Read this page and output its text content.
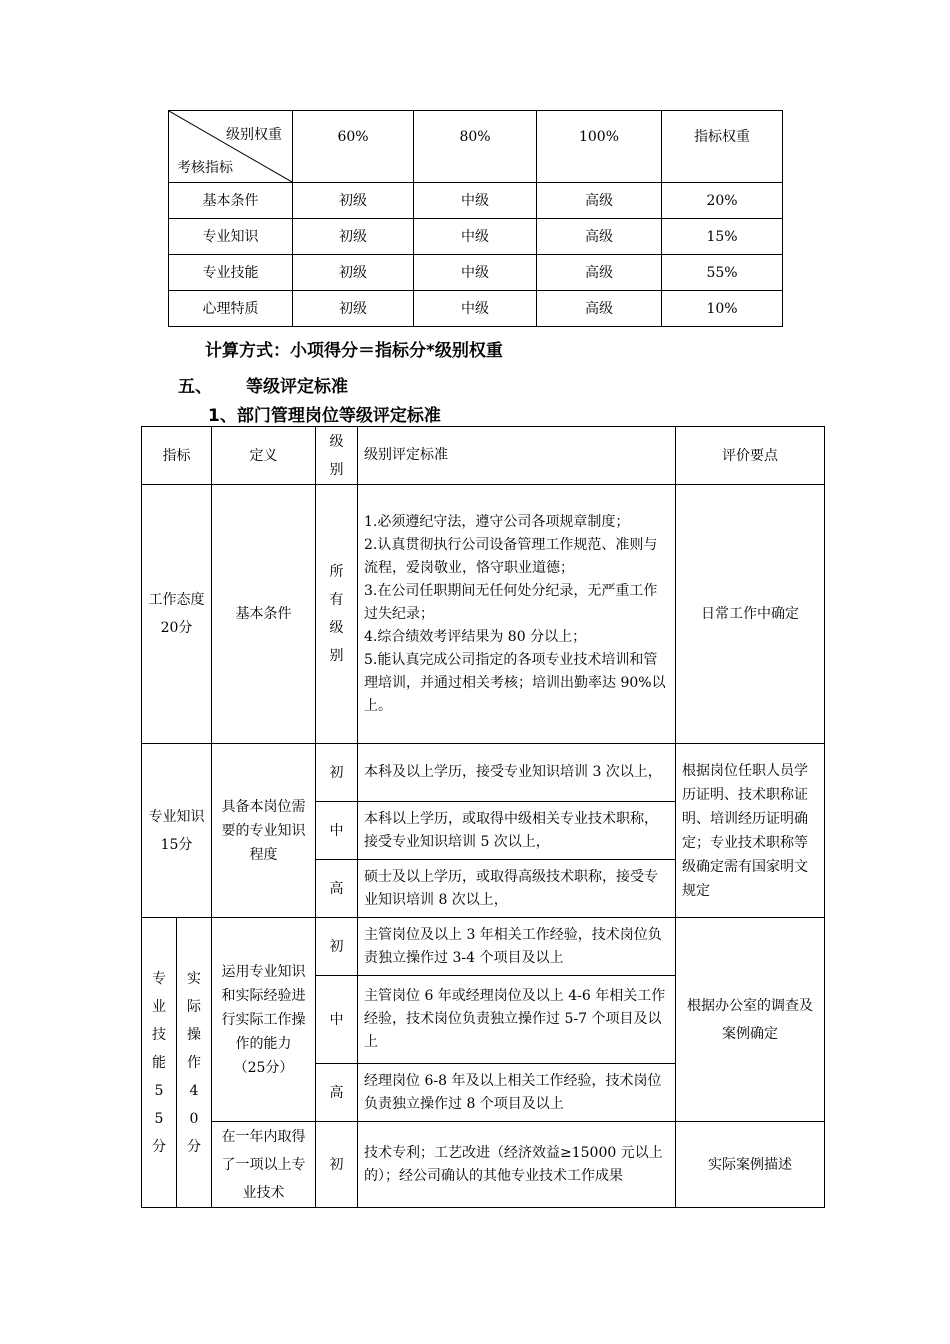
级别权重
考核指标	60%	80%	100%	指标权重
基本条件	初级	中级	高级	20%
专业知识	初级	中级	高级	15%
专业技能	初级	中级	高级	55%
心理特质	初级	中级	高级	10%
计算方式：小项得分＝指标分*级别权重
五、 等级评定标准
1、部门管理岗位等级评定标准
指标		定义	级别	级别评定标准	评价要点
工作态度20分		基本条件	所有级别	1.必须遵纪守法，遵守公司各项规章制度；
2.认真贯彻执行公司设备管理工作规范、准则与流程，爱岗敬业，恪守职业道德；
3.在公司任职期间无任何处分纪录，无严重工作过失纪录；
4.综合绩效考评结果为 80 分以上；
5.能认真完成公司指定的各项专业技术培训和管理培训，并通过相关考核；培训出勤率达 90%以上。	日常工作中确定
专业知识15分		具备本岗位需要的专业知识程度	初	本科及以上学历，接受专业知识培训 3 次以上，	根据岗位任职人员学历证明、技术职称证明、培训经历证明确定；专业技术职称等级确定需有国家明文规定
			中	本科以上学历，或取得中级相关专业技术职称，接受专业知识培训 5 次以上，	
			高	硕士及以上学历，或取得高级技术职称，接受专业知识培训 8 次以上，	
专业技能55分	实际操作40分	运用专业知识和实际经验进行实际工作操作的能力 （25分）	初	主管岗位及以上 3 年相关工作经验，技术岗位负责独立操作过 3-4 个项目及以上	根据办公室的调查及案例确定
			中	主管岗位 6 年或经理岗位及以上 4-6 年相关工作经验，技术岗位负责独立操作过 5-7 个项目及以上	
			高	经理岗位 6-8 年及以上相关工作经验，技术岗位负责独立操作过 8 个项目及以上	
		在一年内取得了一项以上专业技术	初	技术专利；工艺改进（经济效益≥15000 元以上的）；经公司确认的其他专业技术工作成果	实际案例描述
